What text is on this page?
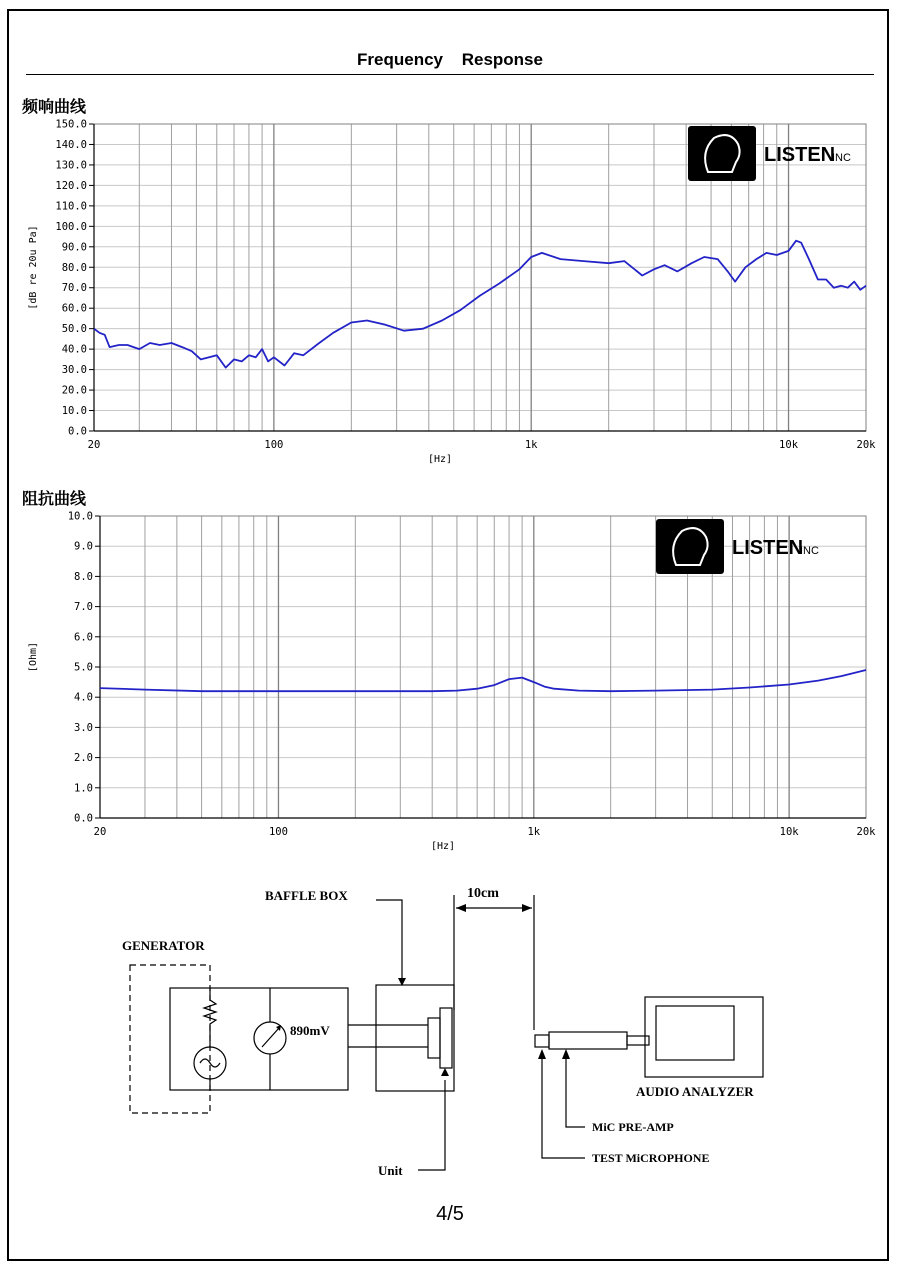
Frequency Response
频响曲线
阻抗曲线
0.0
10.0
20.0
30.0
40.0
50.0
60.0
70.0
80.0
90.0
100.0
110.0
120.0
130.0
140.0
150.0
20	100	1k	10k	20k
[Hz]
[dB re 20u Pa]
LISTEN
INC
0.0
1.0
2.0
3.0
4.0
5.0
6.0
7.0
8.0
9.0
10.0
20	100	1k	10k	20k
[Hz]
[Ohm]
LISTEN
INC
BAFFLE BOX	10cm
GENERATOR
890mV
AUDIO ANALYZER
MiC PRE-AMP
TEST MiCROPHONE
Unit
4/5
